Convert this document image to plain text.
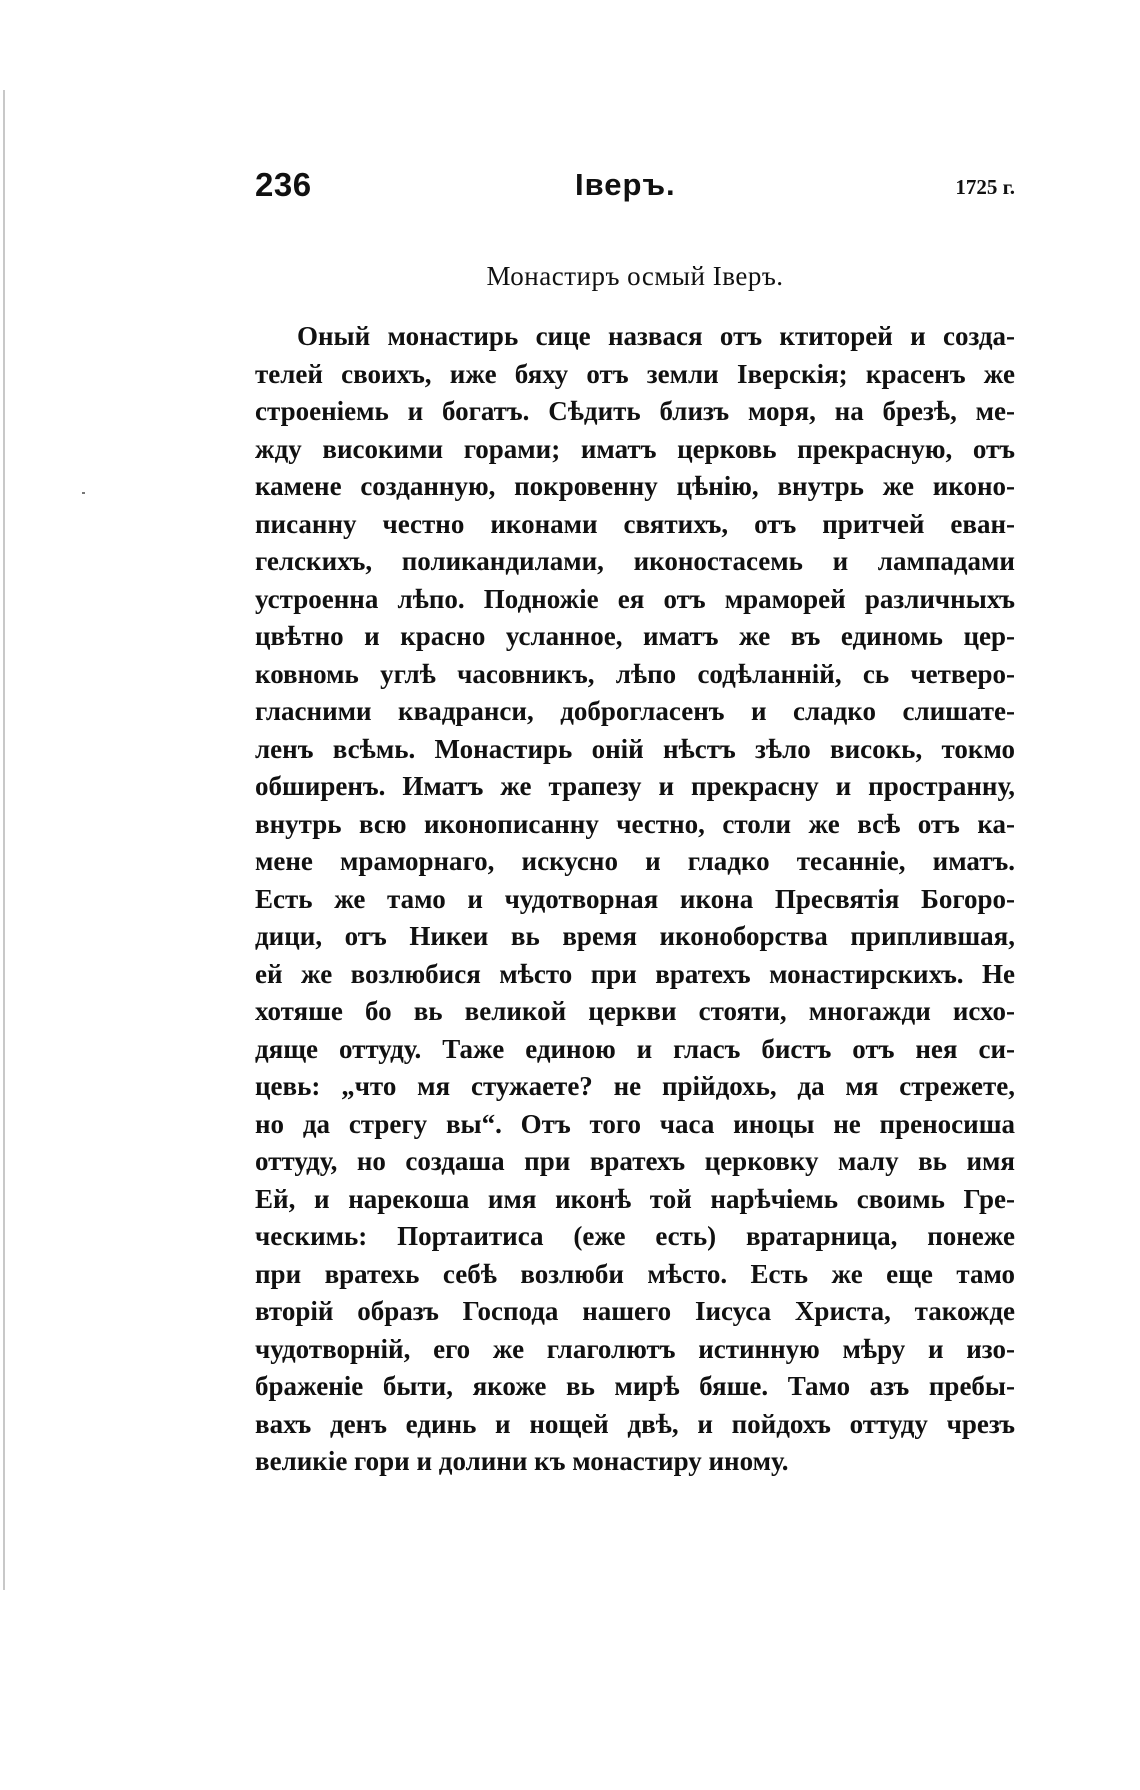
236	Іверъ.	1725 г.
Монастиръ осмый Іверъ.
Оный монастирь сице назвася отъ ктиторей и созда-
телей своихъ, иже бяху отъ земли Іверскія; красенъ же
строеніемь и богатъ. Сѣдить близъ моря, на брезѣ, ме-
жду високими горами; иматъ церковь прекрасную, отъ
камене созданную, покровенну цѣнію, внутрь же иконо-
писанну честно иконами святихъ, отъ притчей еван-
гелскихъ, поликандилами, иконостасемь и лампадами
устроенна лѣпо. Подножіе ея отъ мраморей различныхъ
цвѣтно и красно усланное, иматъ же въ единомь цер-
ковномь углѣ часовникъ, лѣпо содѣланній, сь четверо-
гласними квадранси, доброгласенъ и сладко слишате-
ленъ всѣмь. Монастирь оній нѣстъ зѣло високь, токмо
обширенъ. Иматъ же трапезу и прекрасну и пространну,
внутрь всю иконописанну честно, столи же всѣ отъ ка-
мене мраморнаго, искусно и гладко тесанніе, иматъ.
Есть же тамо и чудотворная икона Пресвятія Богоро-
дици, отъ Никеи вь время иконоборства приплившая,
ей же возлюбися мѣсто при вратехъ монастирскихъ. Не
хотяше бо вь великой церкви стояти, многажди исхо-
дяще оттуду. Таже единою и гласъ бистъ отъ нея си-
цевь: „что мя стужаете? не прійдохь, да мя стрежете,
но да стрегу вы“. Отъ того часа иноцы не преносиша
оттуду, но создаша при вратехъ церковку малу вь имя
Ей, и нарекоша имя иконѣ той нарѣчіемь своимь Гре-
ческимь: Портаитиса (еже есть) вратарница, понеже
при вратехь себѣ возлюби мѣсто. Есть же еще тамо
вторій образъ Господа нашего Іисуса Христа, такожде
чудотворній, его же глаголютъ истинную мѣру и изо-
браженіе быти, якоже вь мирѣ бяше. Тамо азъ пребы-
вахъ денъ единь и нощей двѣ, и пойдохъ оттуду чрезъ
великіе гори и долини къ монастиру иному.
